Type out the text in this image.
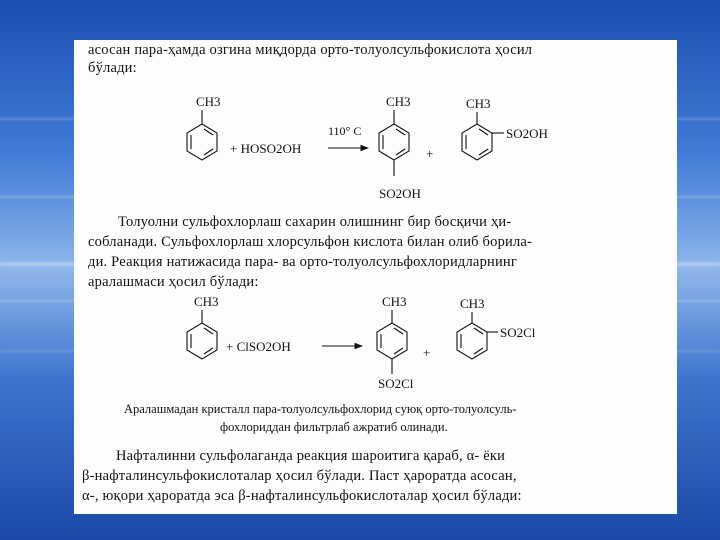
асосан пара-ҳамда озгина миқдорда орто-толуолсульфокислота ҳосил
бўлади:
CH3
+ HOSO2OH
110° C
CH3
SO2OH
+
CH3
SO2OH
CH3
+ ClSO2OH
CH3
SO2Cl
+
CH3
SO2Cl
Толуолни сульфохлорлаш сахарин олишнинг бир босқичи ҳи-
собланади. Сульфохлорлаш хлорсульфон кислота билан олиб борила-
ди. Реакция натижасида пара- ва орто-толуолсульфохлоридларнинг
аралашмаси ҳосил бўлади:
Аралашмадан кристалл пара-толуолсульфохлорид суюқ орто-толуолсуль-
фохлориддан фильтрлаб ажратиб олинади.
Нафталинни сульфолаганда реакция шароитига қараб, α- ёки
β-нафталинсульфокислоталар ҳосил бўлади. Паст ҳароратда асосан,
α-, юқори ҳароратда эса β-нафталинсульфокислоталар ҳосил бўлади:
